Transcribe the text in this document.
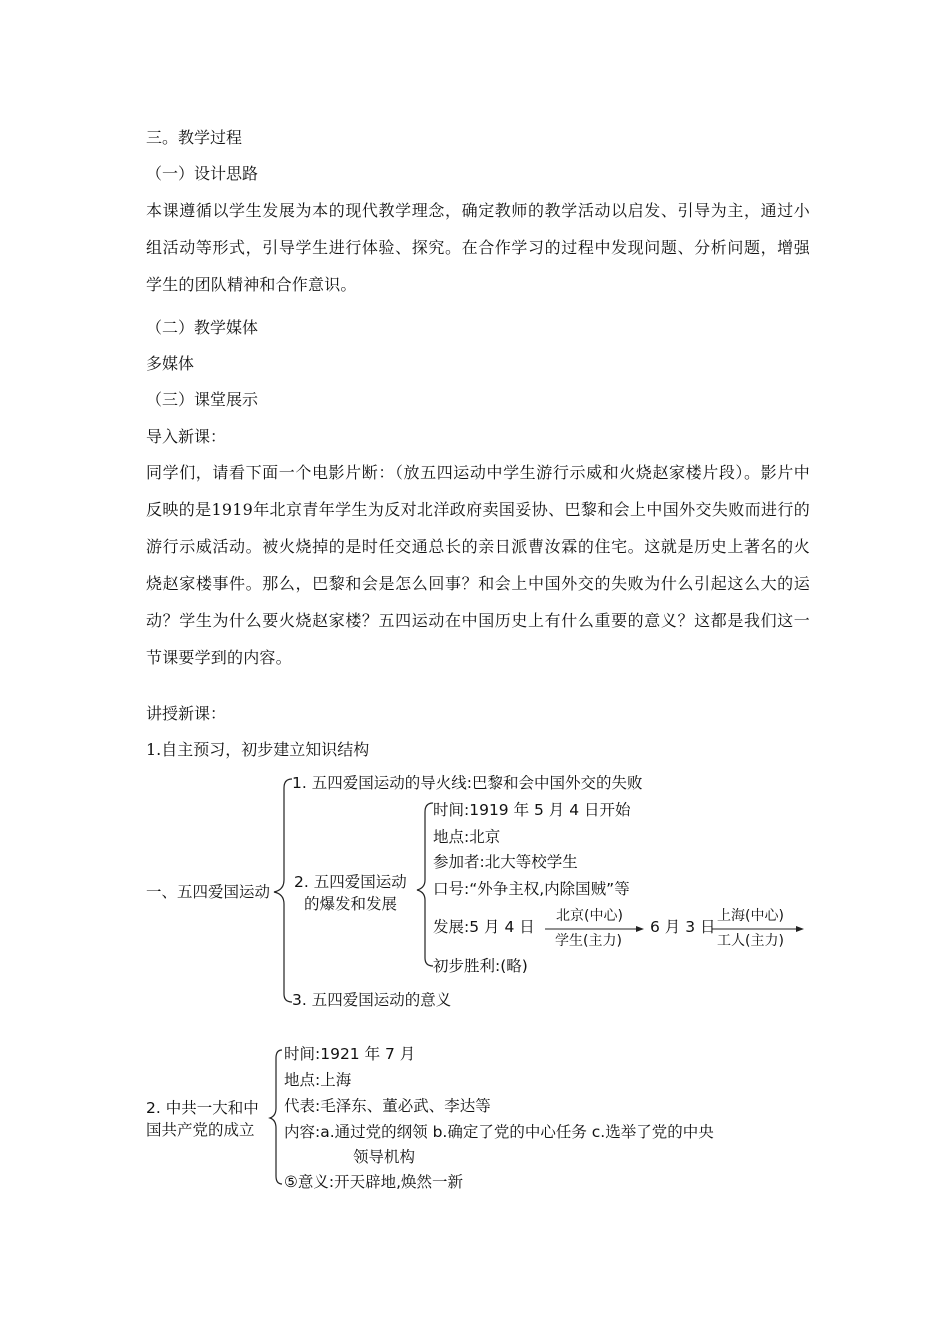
三。教学过程
（一）设计思路
本课遵循以学生发展为本的现代教学理念，确定教师的教学活动以启发、引导为主，通过小组活动等形式，引导学生进行体验、探究。在合作学习的过程中发现问题、分析问题，增强学生的团队精神和合作意识。
（二）教学媒体
多媒体
（三）课堂展示
导入新课：
同学们，请看下面一个电影片断：（放五四运动中学生游行示威和火烧赵家楼片段）。影片中反映的是1919年北京青年学生为反对北洋政府卖国妥协、巴黎和会上中国外交失败而进行的游行示威活动。被火烧掉的是时任交通总长的亲日派曹汝霖的住宅。这就是历史上著名的火烧赵家楼事件。那么，巴黎和会是怎么回事？和会上中国外交的失败为什么引起这么大的运动？学生为什么要火烧赵家楼？五四运动在中国历史上有什么重要的意义？这都是我们这一节课要学到的内容。
讲授新课：
1.自主预习，初步建立知识结构
一、五四爱国运动
1. 五四爱国运动的导火线:巴黎和会中国外交的失败
2. 五四爱国运动
的爆发和发展
3. 五四爱国运动的意义
时间:1919 年 5 月 4 日开始
地点:北京
参加者:北大等校学生
口号:“外争主权,内除国贼”等
发展:5 月 4 日
北京(中心)
学生(主力)
6 月 3 日
上海(中心)
工人(主力)
初步胜利:(略)
2. 中共一大和中
国共产党的成立
时间:1921 年 7 月
地点:上海
代表:毛泽东、董必武、李达等
内容:a.通过党的纲领 b.确定了党的中心任务 c.选举了党的中央
领导机构
⑤意义:开天辟地,焕然一新
